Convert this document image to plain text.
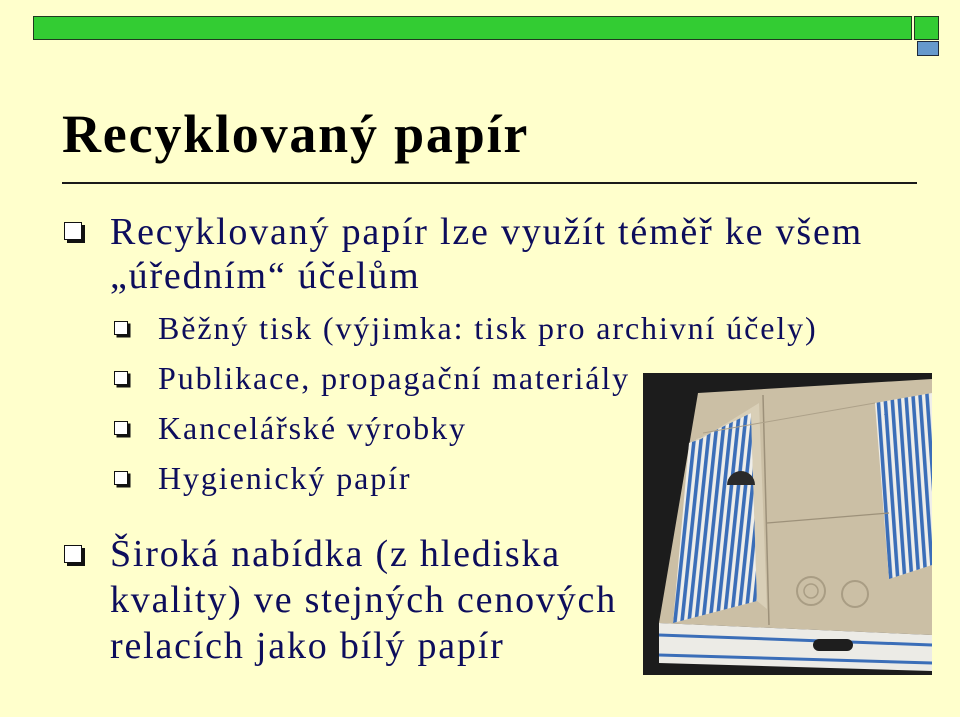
Recyklovaný papír
Recyklovaný papír lze využít téměř ke všem
„úředním“ účelům
Běžný tisk (výjimka: tisk pro archivní účely)
Publikace, propagační materiály
Kancelářské výrobky
Hygienický papír
Široká nabídka (z hlediska
kvality) ve stejných cenových
relacích jako bílý papír
